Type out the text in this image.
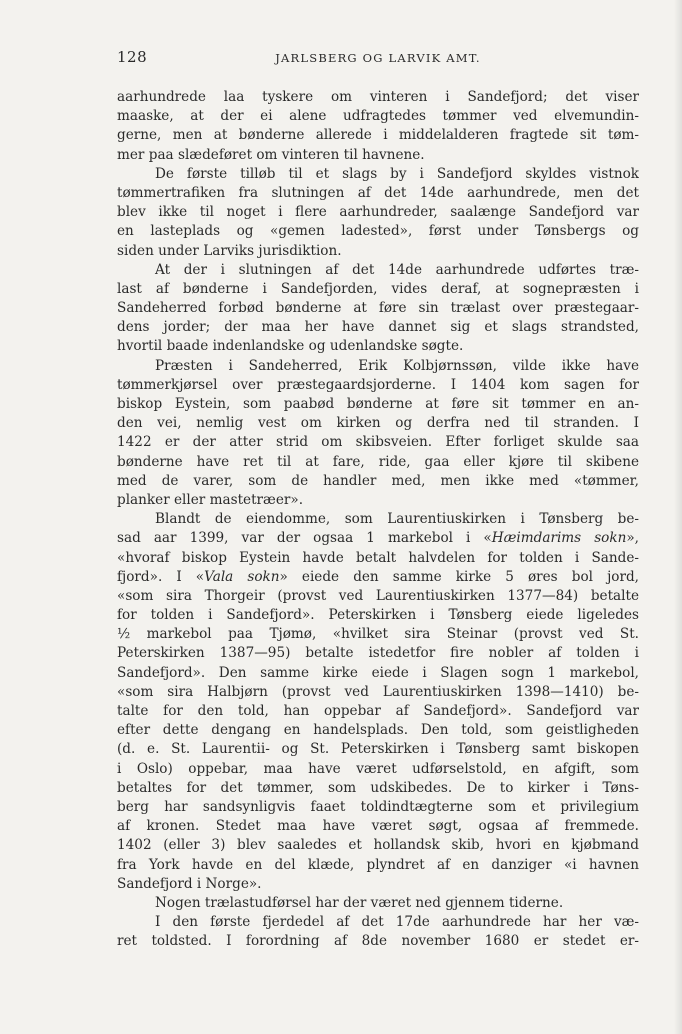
128	JARLSBERG OG LARVIK AMT.
aarhundrede laa tyskere om vinteren i Sandefjord; det viser
maaske, at der ei alene udfragtedes tømmer ved elvemundin-
gerne, men at bønderne allerede i middelalderen fragtede sit tøm-
mer paa slædeføret om vinteren til havnene.
De første tilløb til et slags by i Sandefjord skyldes vistnok
tømmertrafiken fra slutningen af det 14de aarhundrede, men det
blev ikke til noget i flere aarhundreder, saalænge Sandefjord var
en lasteplads og «gemen ladested», først under Tønsbergs og
siden under Larviks jurisdiktion.
At der i slutningen af det 14de aarhundrede udførtes træ-
last af bønderne i Sandefjorden, vides deraf, at sognepræsten i
Sandeherred forbød bønderne at føre sin trælast over præstegaar-
dens jorder; der maa her have dannet sig et slags strandsted,
hvortil baade indenlandske og udenlandske søgte.
Præsten i Sandeherred, Erik Kolbjørnssøn, vilde ikke have
tømmerkjørsel over præstegaardsjorderne. I 1404 kom sagen for
biskop Eystein, som paabød bønderne at føre sit tømmer en an-
den vei, nemlig vest om kirken og derfra ned til stranden. I
1422 er der atter strid om skibsveien. Efter forliget skulde saa
bønderne have ret til at fare, ride, gaa eller kjøre til skibene
med de varer, som de handler med, men ikke med «tømmer,
planker eller mastetræer».
Blandt de eiendomme, som Laurentiuskirken i Tønsberg be-
sad aar 1399, var der ogsaa 1 markebol i «Hæimdarims sokn»,
«hvoraf biskop Eystein havde betalt halvdelen for tolden i Sande-
fjord». I «Vala sokn» eiede den samme kirke 5 øres bol jord,
«som sira Thorgeir (provst ved Laurentiuskirken 1377—84) betalte
for tolden i Sandefjord». Peterskirken i Tønsberg eiede ligeledes
½ markebol paa Tjømø, «hvilket sira Steinar (provst ved St.
Peterskirken 1387—95) betalte istedetfor fire nobler af tolden i
Sandefjord». Den samme kirke eiede i Slagen sogn 1 markebol,
«som sira Halbjørn (provst ved Laurentiuskirken 1398—1410) be-
talte for den told, han oppebar af Sandefjord». Sandefjord var
efter dette dengang en handelsplads. Den told, som geistligheden
(d. e. St. Laurentii- og St. Peterskirken i Tønsberg samt biskopen
i Oslo) oppebar, maa have været udførselstold, en afgift, som
betaltes for det tømmer, som udskibedes. De to kirker i Tøns-
berg har sandsynligvis faaet toldindtægterne som et privilegium
af kronen. Stedet maa have været søgt, ogsaa af fremmede.
1402 (eller 3) blev saaledes et hollandsk skib, hvori en kjøbmand
fra York havde en del klæde, plyndret af en danziger «i havnen
Sandefjord i Norge».
Nogen trælastudførsel har der været ned gjennem tiderne.
I den første fjerdedel af det 17de aarhundrede har her væ-
ret toldsted. I forordning af 8de november 1680 er stedet er-
